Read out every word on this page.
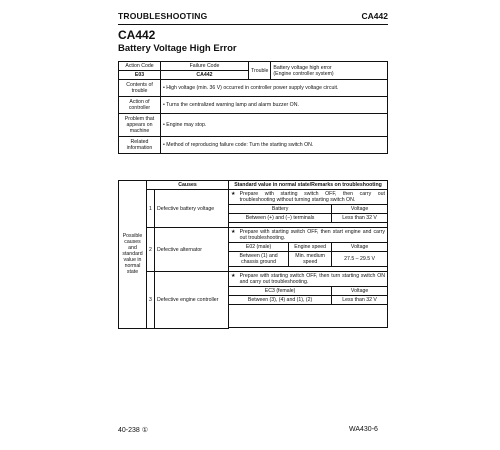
TROUBLESHOOTING	CA442
CA442
Battery Voltage High Error
Action Code	Failure Code	Trouble	Battery voltage high error
(Engine controller system)

E03	CA442		
Contents of trouble	• High voltage (min. 36 V) occurred in controller power supply voltage circuit.		
Action of controller	• Turns the centralized warning lamp and alarm buzzer ON.		
Problem that appears on machine	• Engine may stop.		
Related information	• Method of reproducing failure code: Turn the starting switch ON.		
Possible causes and standard value in normal state	Causes		Standard value in normal state/Remarks on troubleshooting			
	1	Defective battery voltage	★	Prepare with starting switch OFF, then carry out troubleshooting without turning starting switch ON.		
			Battery			Voltage
			Between (+) and (−) terminals			Less than 32 V

	2	Defective alternator	★	Prepare with starting switch OFF, then start engine and carry out troubleshooting.		
			E02 (male)		Engine speed	Voltage
			Between (1) and chassis ground		Min. medium speed	27.5 – 29.5 V

	3	Defective engine controller	★	Prepare with starting switch OFF, then turn starting switch ON and carry out troubleshooting.		
			EC3 (female)			Voltage
			Between (3), (4) and (1), (2)			Less than 32 V

40-238 ①	WA430-6
